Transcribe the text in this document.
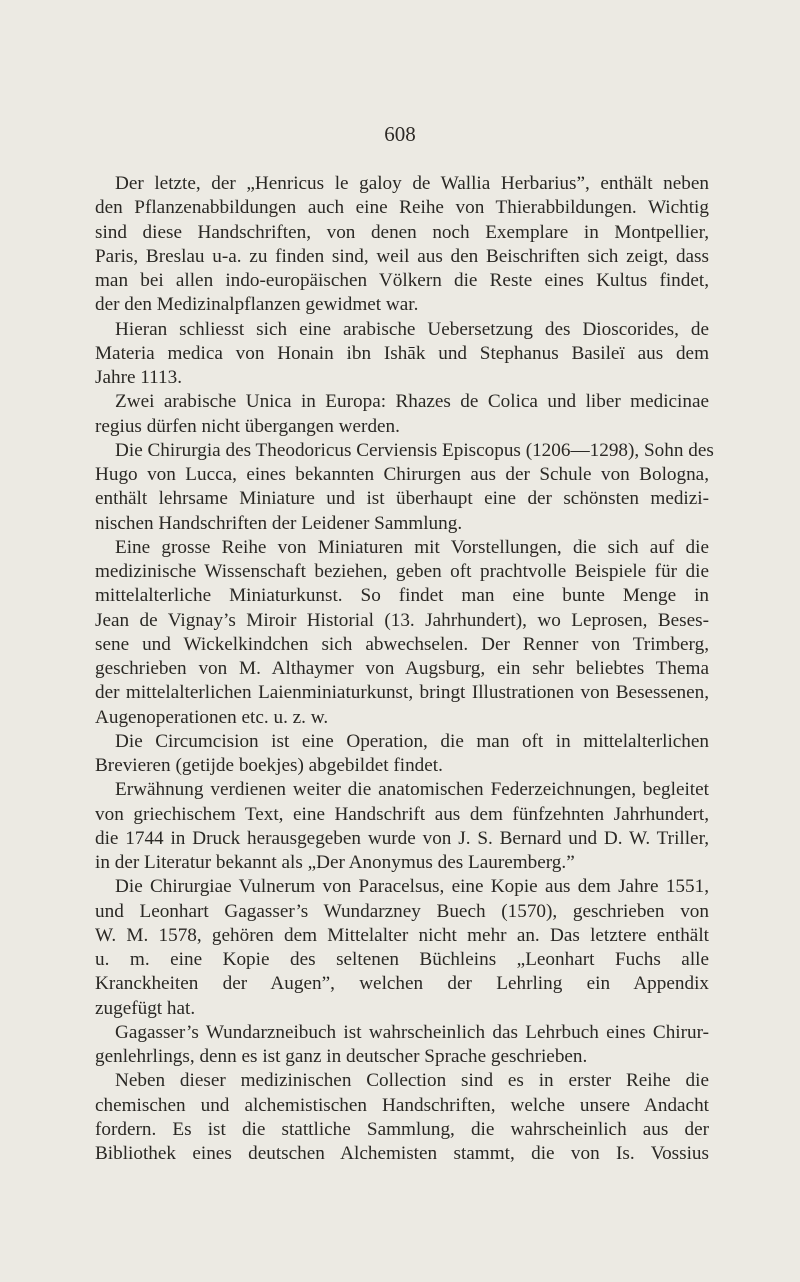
608
Der letzte, der „Henricus le galoy de Wallia Herbarius”, enthält neben
den Pflanzenabbildungen auch eine Reihe von Thierabbildungen. Wichtig
sind diese Handschriften, von denen noch Exemplare in Montpellier,
Paris, Breslau u-a. zu finden sind, weil aus den Beischriften sich zeigt, dass
man bei allen indo-europäischen Völkern die Reste eines Kultus findet,
der den Medizinalpflanzen gewidmet war.
Hieran schliesst sich eine arabische Uebersetzung des Dioscorides, de
Materia medica von Honain ibn Ishāk und Stephanus Basileï aus dem
Jahre 1113.
Zwei arabische Unica in Europa: Rhazes de Colica und liber medicinae
regius dürfen nicht übergangen werden.
Die Chirurgia des Theodoricus Cerviensis Episcopus (1206—1298), Sohn des
Hugo von Lucca, eines bekannten Chirurgen aus der Schule von Bologna,
enthält lehrsame Miniature und ist überhaupt eine der schönsten medizi-
nischen Handschriften der Leidener Sammlung.
Eine grosse Reihe von Miniaturen mit Vorstellungen, die sich auf die
medizinische Wissenschaft beziehen, geben oft prachtvolle Beispiele für die
mittelalterliche Miniaturkunst. So findet man eine bunte Menge in
Jean de Vignay’s Miroir Historial (13. Jahrhundert), wo Leprosen, Beses-
sene und Wickelkindchen sich abwechselen. Der Renner von Trimberg,
geschrieben von M. Althaymer von Augsburg, ein sehr beliebtes Thema
der mittelalterlichen Laienminiaturkunst, bringt Illustrationen von Besessenen,
Augenoperationen etc. u. z. w.
Die Circumcision ist eine Operation, die man oft in mittelalterlichen
Brevieren (getijde boekjes) abgebildet findet.
Erwähnung verdienen weiter die anatomischen Federzeichnungen, begleitet
von griechischem Text, eine Handschrift aus dem fünfzehnten Jahrhundert,
die 1744 in Druck herausgegeben wurde von J. S. Bernard und D. W. Triller,
in der Literatur bekannt als „Der Anonymus des Lauremberg.”
Die Chirurgiae Vulnerum von Paracelsus, eine Kopie aus dem Jahre 1551,
und Leonhart Gagasser’s Wundarzney Buech (1570), geschrieben von
W. M. 1578, gehören dem Mittelalter nicht mehr an. Das letztere enthält
u. m. eine Kopie des seltenen Büchleins „Leonhart Fuchs alle
Kranckheiten der Augen”, welchen der Lehrling ein Appendix
zugefügt hat.
Gagasser’s Wundarzneibuch ist wahrscheinlich das Lehrbuch eines Chirur-
genlehrlings, denn es ist ganz in deutscher Sprache geschrieben.
Neben dieser medizinischen Collection sind es in erster Reihe die
chemischen und alchemistischen Handschriften, welche unsere Andacht
fordern. Es ist die stattliche Sammlung, die wahrscheinlich aus der
Bibliothek eines deutschen Alchemisten stammt, die von Is. Vossius
